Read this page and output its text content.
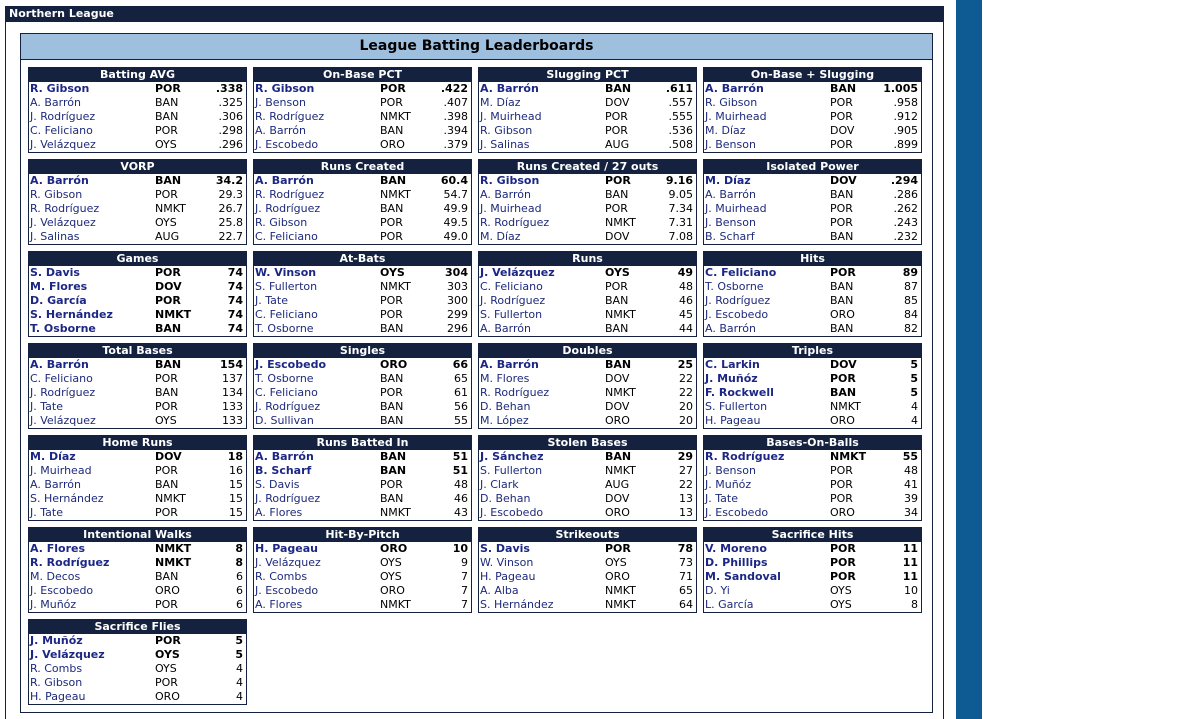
Northern League
League Batting Leaderboards
Batting AVG
R. Gibson	POR	.338
A. Barrón	BAN	.325
J. Rodríguez	BAN	.306
C. Feliciano	POR	.298
J. Velázquez	OYS	.296
On-Base PCT
R. Gibson	POR	.422
J. Benson	POR	.407
R. Rodríguez	NMKT	.398
A. Barrón	BAN	.394
J. Escobedo	ORO	.379
Slugging PCT
A. Barrón	BAN	.611
M. Díaz	DOV	.557
J. Muirhead	POR	.555
R. Gibson	POR	.536
J. Salinas	AUG	.508
On-Base + Slugging
A. Barrón	BAN	1.005
R. Gibson	POR	.958
J. Muirhead	POR	.912
M. Díaz	DOV	.905
J. Benson	POR	.899
VORP
A. Barrón	BAN	34.2
R. Gibson	POR	29.3
R. Rodríguez	NMKT	26.7
J. Velázquez	OYS	25.8
J. Salinas	AUG	22.7
Runs Created
A. Barrón	BAN	60.4
R. Rodríguez	NMKT	54.7
J. Rodríguez	BAN	49.9
R. Gibson	POR	49.5
C. Feliciano	POR	49.0
Runs Created / 27 outs
R. Gibson	POR	9.16
A. Barrón	BAN	9.05
J. Muirhead	POR	7.34
R. Rodríguez	NMKT	7.31
M. Díaz	DOV	7.08
Isolated Power
M. Díaz	DOV	.294
A. Barrón	BAN	.286
J. Muirhead	POR	.262
J. Benson	POR	.243
B. Scharf	BAN	.232
Games
S. Davis	POR	74
M. Flores	DOV	74
D. García	POR	74
S. Hernández	NMKT	74
T. Osborne	BAN	74
At-Bats
W. Vinson	OYS	304
S. Fullerton	NMKT	303
J. Tate	POR	300
C. Feliciano	POR	299
T. Osborne	BAN	296
Runs
J. Velázquez	OYS	49
C. Feliciano	POR	48
J. Rodríguez	BAN	46
S. Fullerton	NMKT	45
A. Barrón	BAN	44
Hits
C. Feliciano	POR	89
T. Osborne	BAN	87
J. Rodríguez	BAN	85
J. Escobedo	ORO	84
A. Barrón	BAN	82
Total Bases
A. Barrón	BAN	154
C. Feliciano	POR	137
J. Rodríguez	BAN	134
J. Tate	POR	133
J. Velázquez	OYS	133
Singles
J. Escobedo	ORO	66
T. Osborne	BAN	65
C. Feliciano	POR	61
J. Rodríguez	BAN	56
D. Sullivan	BAN	55
Doubles
A. Barrón	BAN	25
M. Flores	DOV	22
R. Rodríguez	NMKT	22
D. Behan	DOV	20
M. López	ORO	20
Triples
C. Larkin	DOV	5
J. Muñóz	POR	5
F. Rockwell	BAN	5
S. Fullerton	NMKT	4
H. Pageau	ORO	4
Home Runs
M. Díaz	DOV	18
J. Muirhead	POR	16
A. Barrón	BAN	15
S. Hernández	NMKT	15
J. Tate	POR	15
Runs Batted In
A. Barrón	BAN	51
B. Scharf	BAN	51
S. Davis	POR	48
J. Rodríguez	BAN	46
A. Flores	NMKT	43
Stolen Bases
J. Sánchez	BAN	29
S. Fullerton	NMKT	27
J. Clark	AUG	22
D. Behan	DOV	13
J. Escobedo	ORO	13
Bases-On-Balls
R. Rodríguez	NMKT	55
J. Benson	POR	48
J. Muñóz	POR	41
J. Tate	POR	39
J. Escobedo	ORO	34
Intentional Walks
A. Flores	NMKT	8
R. Rodríguez	NMKT	8
M. Decos	BAN	6
J. Escobedo	ORO	6
J. Muñóz	POR	6
Hit-By-Pitch
H. Pageau	ORO	10
J. Velázquez	OYS	9
R. Combs	OYS	7
J. Escobedo	ORO	7
A. Flores	NMKT	7
Strikeouts
S. Davis	POR	78
W. Vinson	OYS	73
H. Pageau	ORO	71
A. Alba	NMKT	65
S. Hernández	NMKT	64
Sacrifice Hits
V. Moreno	POR	11
D. Phillips	POR	11
M. Sandoval	POR	11
D. Yi	OYS	10
L. García	OYS	8
Sacrifice Flies
J. Muñóz	POR	5
J. Velázquez	OYS	5
R. Combs	OYS	4
R. Gibson	POR	4
H. Pageau	ORO	4
